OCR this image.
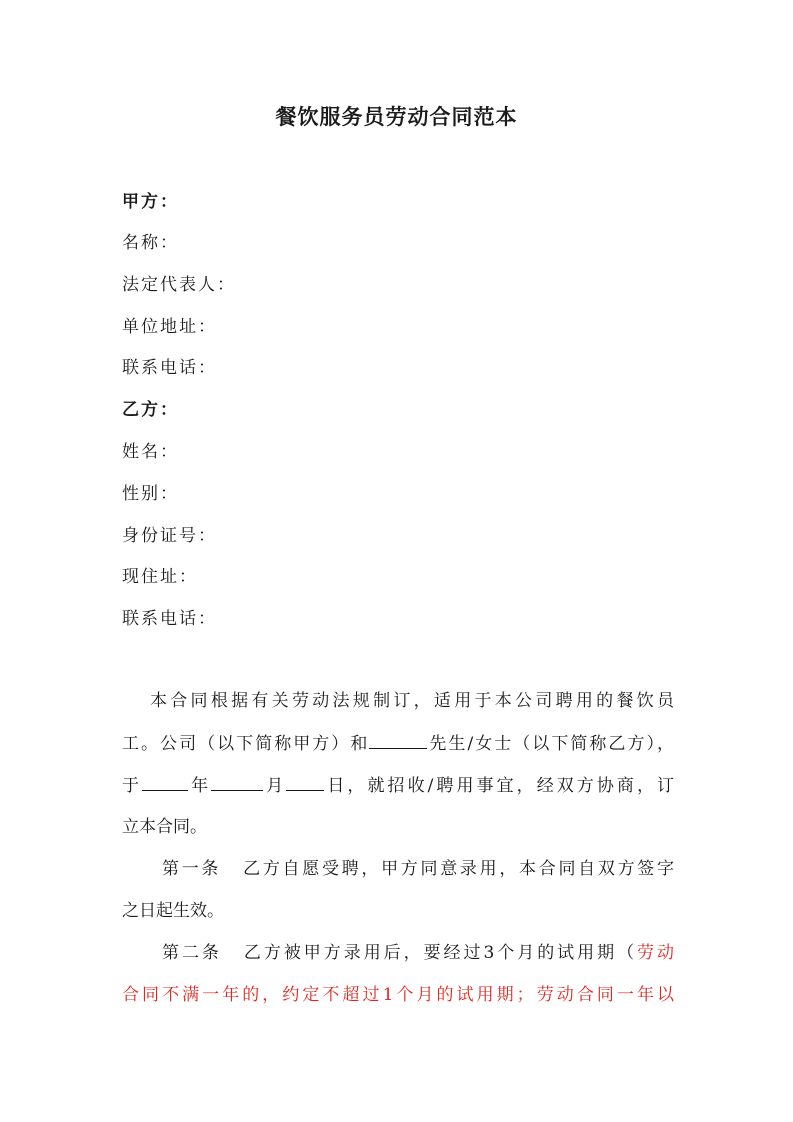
餐饮服务员劳动合同范本
甲方：
名称：
法定代表人：
单位地址：
联系电话：
乙方：
姓名：
性别：
身份证号：
现住址：
联系电话：
本合同根据有关劳动法规制订，适用于本公司聘用的餐饮员
工。公司（以下简称甲方）和	先生/女士（以下简称乙方），
于	年	月 日，就招收/聘用事宜，经双方协商，订
立本合同。
第一条 乙方自愿受聘，甲方同意录用，本合同自双方签字
之日起生效。
第二条 乙方被甲方录用后，要经过3个月的试用期（劳动
合同不满一年的，约定不超过1个月的试用期；劳动合同一年以
